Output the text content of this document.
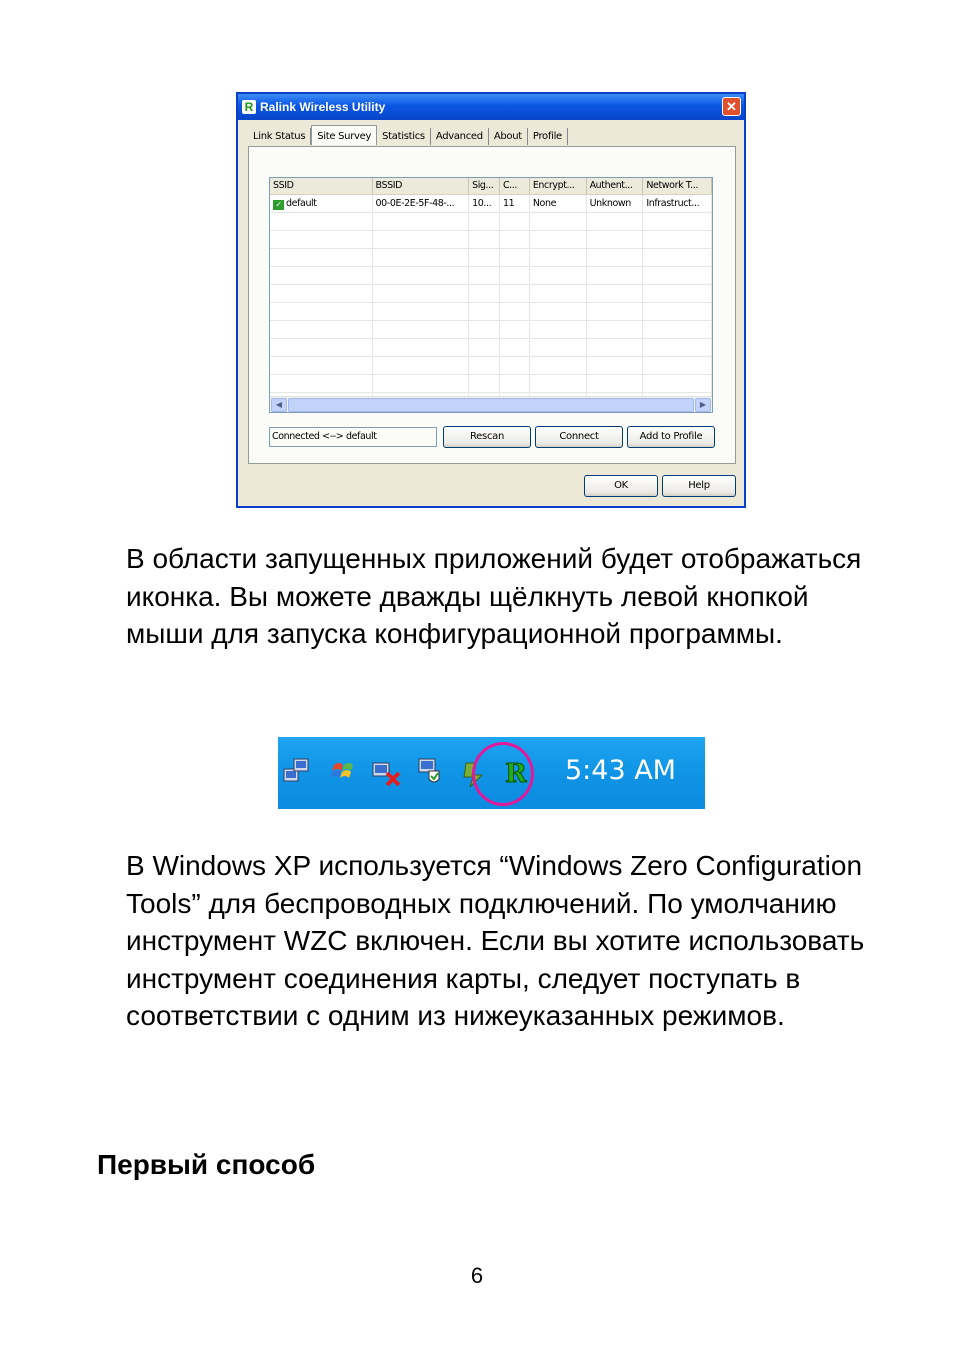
R Ralink Wireless Utility	✕
Link Status	Site Survey	Statistics	Advanced	About	Profile
SSID	BSSID	Sig...	C...	Encrypt...	Authent...	Network T...
✓ default	00-0E-2E-5F-48-...	10...	11	None	Unknown	Infrastruct...
◀	▶
Connected <--> default	Rescan	Connect	Add to Profile
OK	Help

В области запущенных приложений будет отображаться иконка. Вы можете дважды щёлкнуть левой кнопкой мыши для запуска конфигурационной программы.

R 5:43 AM

В Windows XP используется “Windows Zero Configuration Tools” для беспроводных подключений. По умолчанию инструмент WZC включен. Если вы хотите использовать инструмент соединения карты, следует поступать в соответствии с одним из нижеуказанных режимов.

Первый способ
6
